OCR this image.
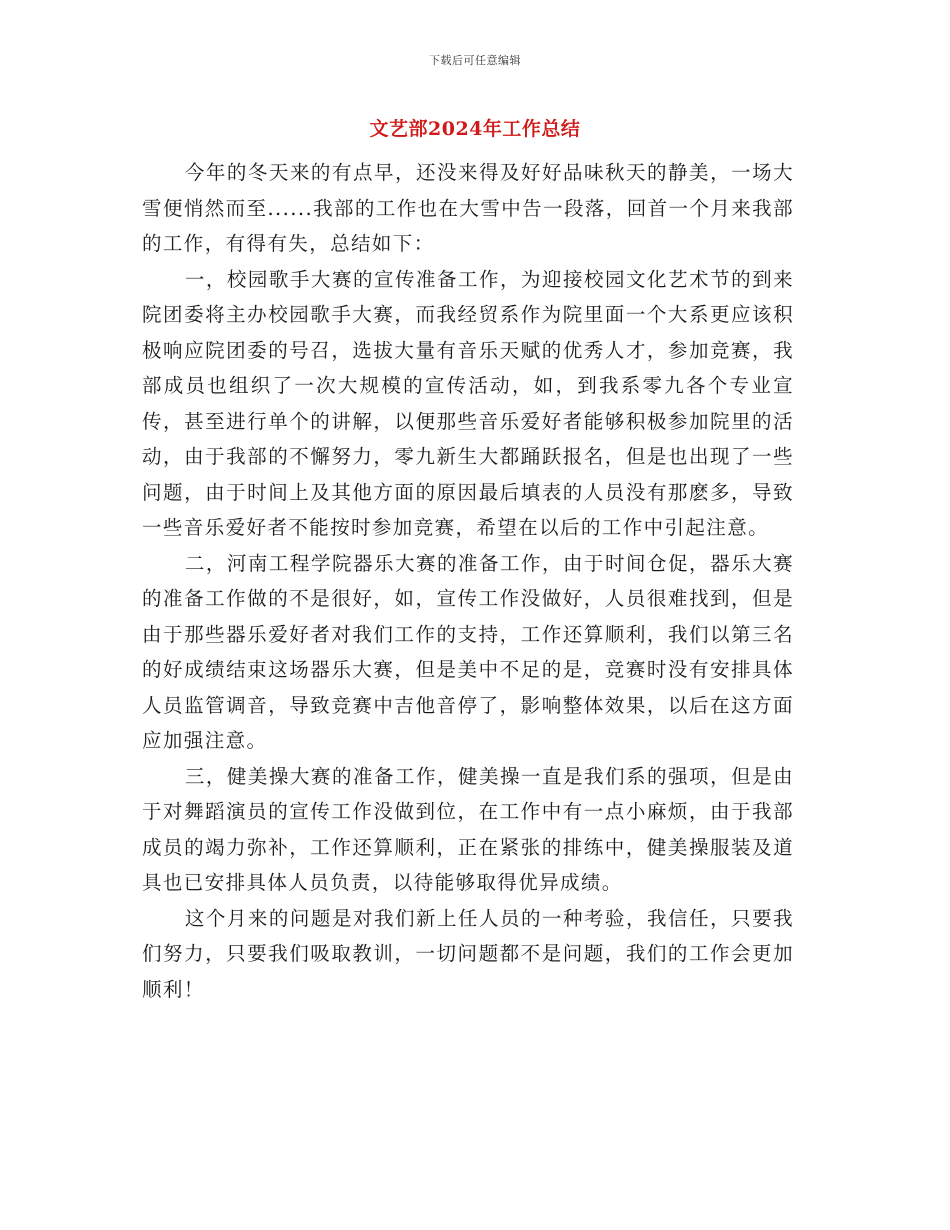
下载后可任意编辑
文艺部2024年工作总结

今年的冬天来的有点早，还没来得及好好品味秋天的静美，一场大雪便悄然而至......我部的工作也在大雪中告一段落，回首一个月来我部的工作，有得有失，总结如下：

一，校园歌手大赛的宣传准备工作，为迎接校园文化艺术节的到来院团委将主办校园歌手大赛，而我经贸系作为院里面一个大系更应该积极响应院团委的号召，选拔大量有音乐天赋的优秀人才，参加竞赛，我部成员也组织了一次大规模的宣传活动，如，到我系零九各个专业宣传，甚至进行单个的讲解，以便那些音乐爱好者能够积极参加院里的活动，由于我部的不懈努力，零九新生大都踊跃报名，但是也出现了一些问题，由于时间上及其他方面的原因最后填表的人员没有那麽多，导致一些音乐爱好者不能按时参加竞赛，希望在以后的工作中引起注意。

二，河南工程学院器乐大赛的准备工作，由于时间仓促，器乐大赛的准备工作做的不是很好，如，宣传工作没做好，人员很难找到，但是由于那些器乐爱好者对我们工作的支持，工作还算顺利，我们以第三名的好成绩结束这场器乐大赛，但是美中不足的是，竞赛时没有安排具体人员监管调音，导致竞赛中吉他音停了，影响整体效果，以后在这方面应加强注意。

三，健美操大赛的准备工作，健美操一直是我们系的强项，但是由于对舞蹈演员的宣传工作没做到位，在工作中有一点小麻烦，由于我部成员的竭力弥补，工作还算顺利，正在紧张的排练中，健美操服装及道具也已安排具体人员负责，以待能够取得优异成绩。

这个月来的问题是对我们新上任人员的一种考验，我信任，只要我们努力，只要我们吸取教训，一切问题都不是问题，我们的工作会更加顺利！
